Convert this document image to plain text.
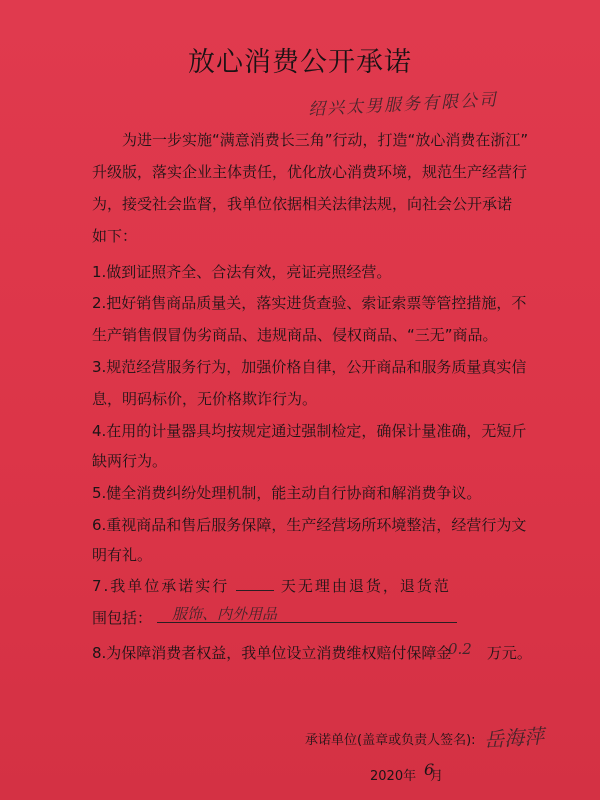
放心消费公开承诺
绍兴太男服务有限公司
为进一步实施“满意消费长三角”行动，打造“放心消费在浙江”
升级版，落实企业主体责任，优化放心消费环境，规范生产经营行
为，接受社会监督，我单位依据相关法律法规，向社会公开承诺
如下：
1.做到证照齐全、合法有效，亮证亮照经营。
2.把好销售商品质量关，落实进货查验、索证索票等管控措施，不
生产销售假冒伪劣商品、违规商品、侵权商品、“三无”商品。
3.规范经营服务行为，加强价格自律，公开商品和服务质量真实信
息，明码标价，无价格欺诈行为。
4.在用的计量器具均按规定通过强制检定，确保计量准确，无短斤
缺两行为。
5.健全消费纠纷处理机制，能主动自行协商和解消费争议。
6.重视商品和售后服务保障，生产经营场所环境整洁，经营行为文
明有礼。
7.我单位承诺实行	天无理由退货，退货范
围包括：	服饰、内外用品
8.为保障消费者权益，我单位设立消费维权赔付保障金 万元。
0.2
承诺单位(盖章或负责人签名): 岳海萍
2020年 月
6
